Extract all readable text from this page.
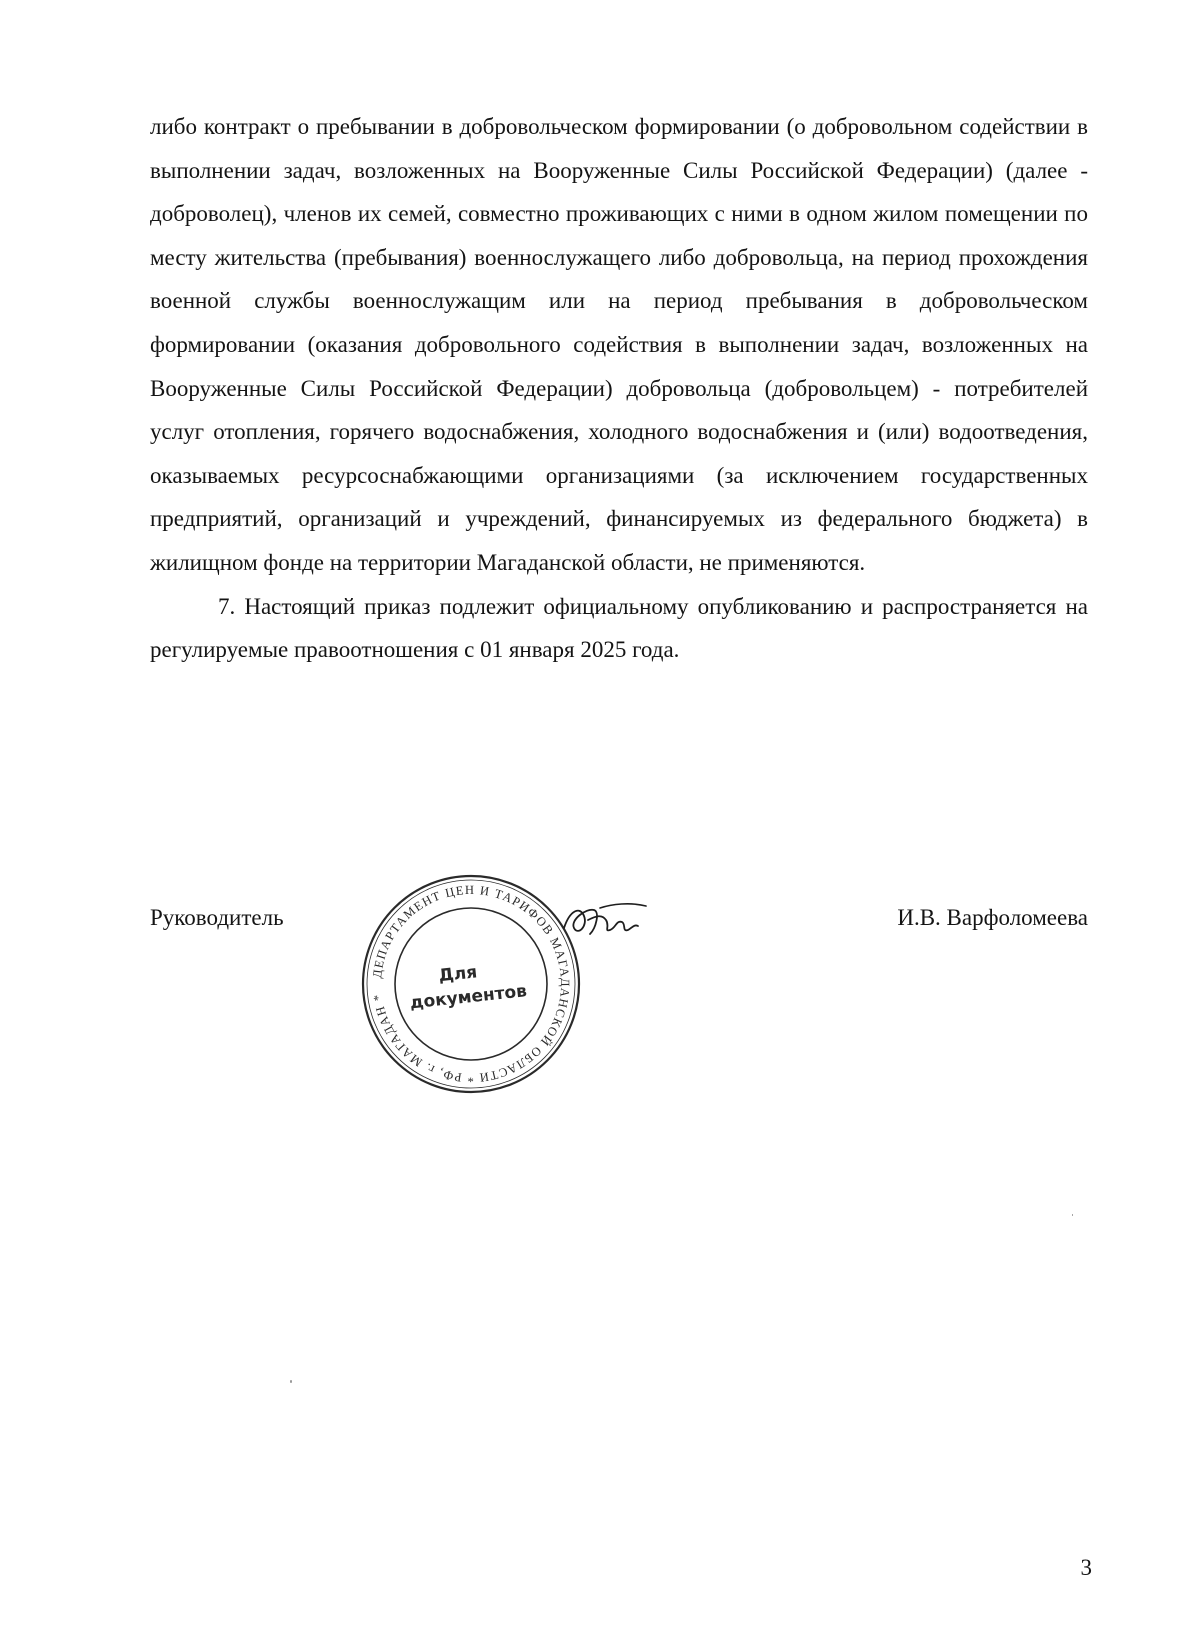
либо контракт о пребывании в добровольческом формировании (о добровольном содействии в выполнении задач, возложенных на Вооруженные Силы Российской Федерации) (далее - доброволец), членов их семей, совместно проживающих с ними в одном жилом помещении по месту жительства (пребывания) военнослужащего либо добровольца, на период прохождения военной службы военнослужащим или на период пребывания в добровольческом формировании (оказания добровольного содействия в выполнении задач, возложенных на Вооруженные Силы Российской Федерации) добровольца (добровольцем) - потребителей услуг отопления, горячего водоснабжения, холодного водоснабжения и (или) водоотведения, оказываемых ресурсоснабжающими организациями (за исключением государственных предприятий, организаций и учреждений, финансируемых из федерального бюджета) в жилищном фонде на территории Магаданской области, не применяются.

7. Настоящий приказ подлежит официальному опубликованию и распространяется на регулируемые правоотношения с 01 января 2025 года.

Руководитель	И.В. Варфоломеева
ДЕПАРТАМЕНТ ЦЕН И ТАРИФОВ МАГАДАНСКОЙ ОБЛАСТИ * РФ, г. МАГАДАН *
Для
документов
3
